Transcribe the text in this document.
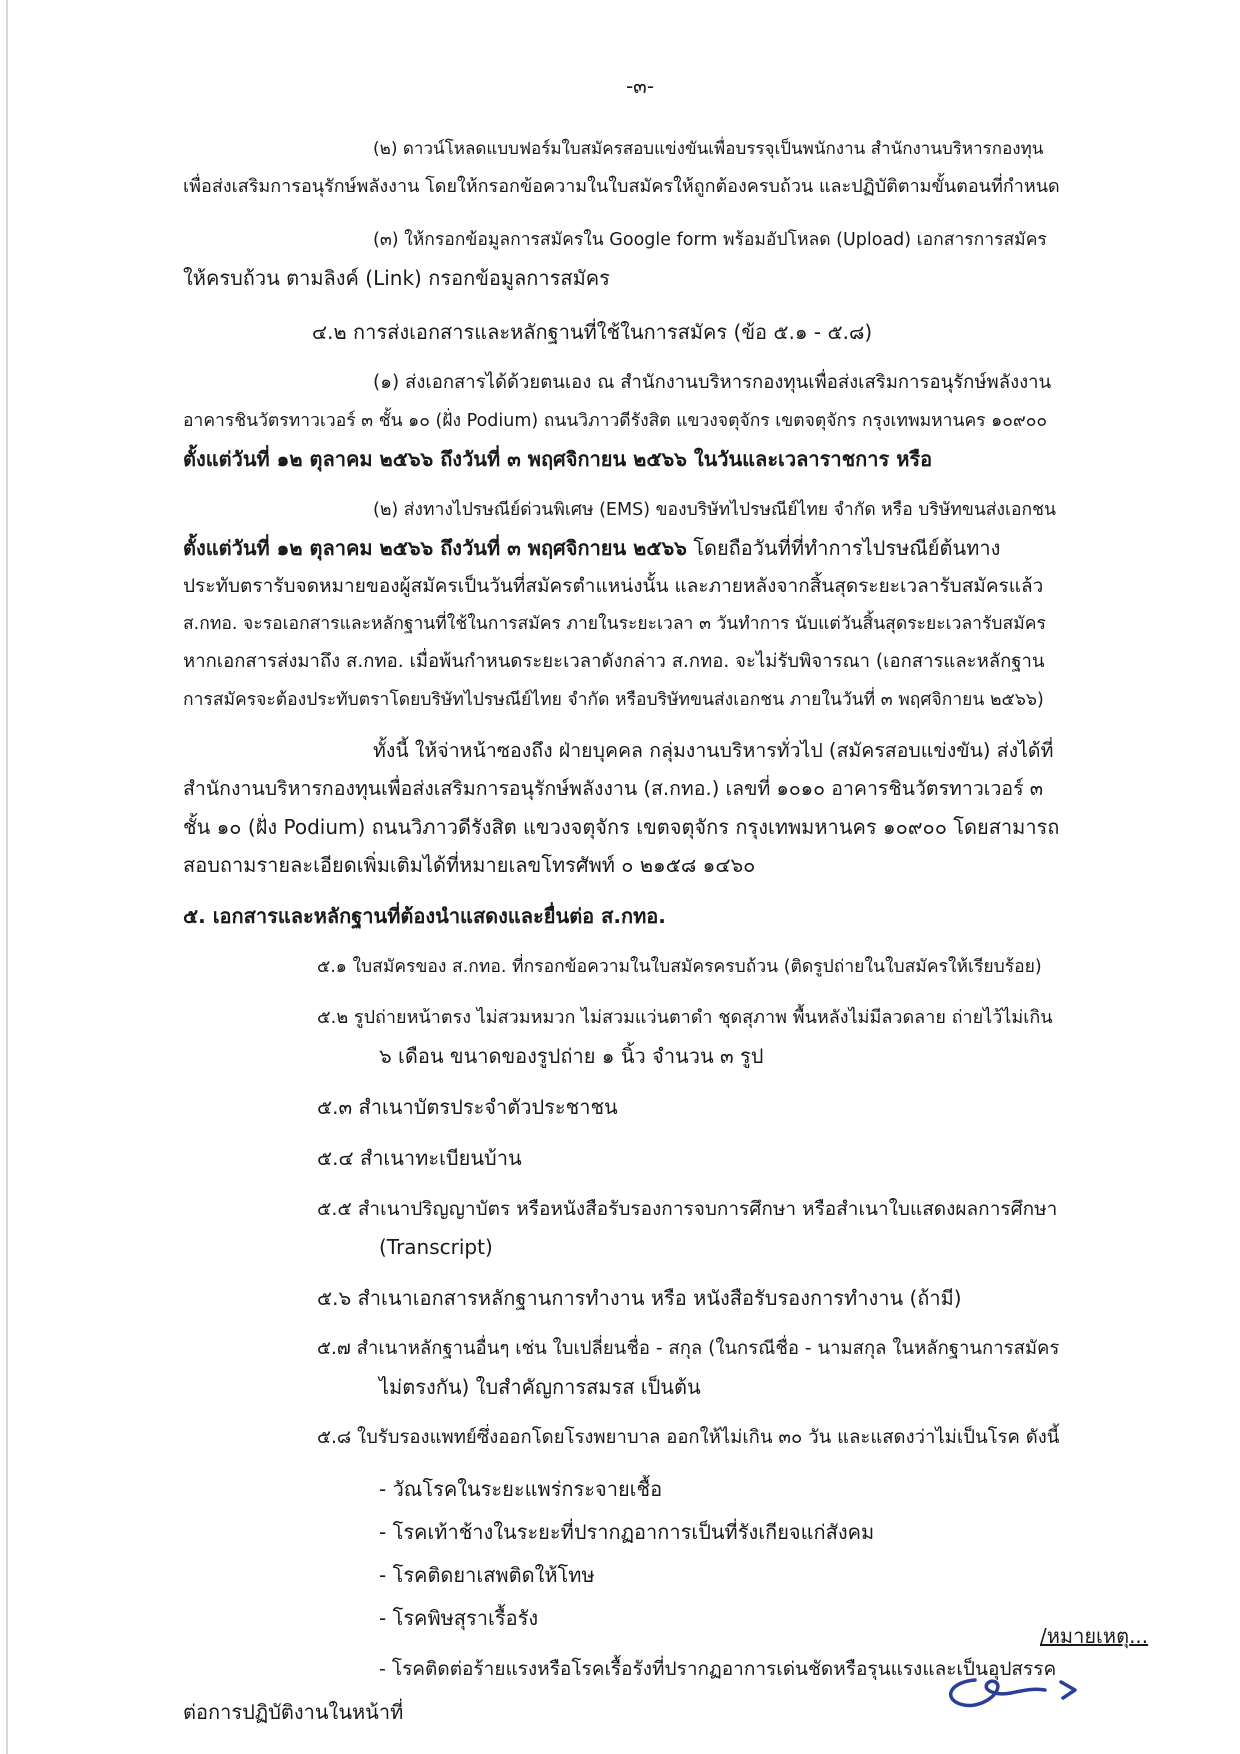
-๓-
(๒) ดาวน์โหลดแบบฟอร์มใบสมัครสอบแข่งขันเพื่อบรรจุเป็นพนักงาน สำนักงานบริหารกองทุน
เพื่อส่งเสริมการอนุรักษ์พลังงาน โดยให้กรอกข้อความในใบสมัครให้ถูกต้องครบถ้วน และปฏิบัติตามขั้นตอนที่กำหนด
(๓) ให้กรอกข้อมูลการสมัครใน Google form พร้อมอัปโหลด (Upload) เอกสารการสมัคร
ให้ครบถ้วน ตามลิงค์ (Link) กรอกข้อมูลการสมัคร
๔.๒ การส่งเอกสารและหลักฐานที่ใช้ในการสมัคร (ข้อ ๕.๑ - ๕.๘)
(๑) ส่งเอกสารได้ด้วยตนเอง ณ สำนักงานบริหารกองทุนเพื่อส่งเสริมการอนุรักษ์พลังงาน
อาคารชินวัตรทาวเวอร์ ๓ ชั้น ๑๐ (ฝั่ง Podium) ถนนวิภาวดีรังสิต แขวงจตุจักร เขตจตุจักร กรุงเทพมหานคร ๑๐๙๐๐
ตั้งแต่วันที่ ๑๒ ตุลาคม ๒๕๖๖ ถึงวันที่ ๓ พฤศจิกายน ๒๕๖๖ ในวันและเวลาราชการ หรือ
(๒) ส่งทางไปรษณีย์ด่วนพิเศษ (EMS) ของบริษัทไปรษณีย์ไทย จำกัด หรือ บริษัทขนส่งเอกชน
ตั้งแต่วันที่ ๑๒ ตุลาคม ๒๕๖๖ ถึงวันที่ ๓ พฤศจิกายน ๒๕๖๖ โดยถือวันที่ที่ทำการไปรษณีย์ต้นทาง
ประทับตรารับจดหมายของผู้สมัครเป็นวันที่สมัครตำแหน่งนั้น และภายหลังจากสิ้นสุดระยะเวลารับสมัครแล้ว
ส.กทอ. จะรอเอกสารและหลักฐานที่ใช้ในการสมัคร ภายในระยะเวลา ๓ วันทำการ นับแต่วันสิ้นสุดระยะเวลารับสมัคร
หากเอกสารส่งมาถึง ส.กทอ. เมื่อพ้นกำหนดระยะเวลาดังกล่าว ส.กทอ. จะไม่รับพิจารณา (เอกสารและหลักฐาน
การสมัครจะต้องประทับตราโดยบริษัทไปรษณีย์ไทย จำกัด หรือบริษัทขนส่งเอกชน ภายในวันที่ ๓ พฤศจิกายน ๒๕๖๖)
ทั้งนี้ ให้จ่าหน้าซองถึง ฝ่ายบุคคล กลุ่มงานบริหารทั่วไป (สมัครสอบแข่งขัน) ส่งได้ที่
สำนักงานบริหารกองทุนเพื่อส่งเสริมการอนุรักษ์พลังงาน (ส.กทอ.) เลขที่ ๑๐๑๐ อาคารชินวัตรทาวเวอร์ ๓
ชั้น ๑๐ (ฝั่ง Podium) ถนนวิภาวดีรังสิต แขวงจตุจักร เขตจตุจักร กรุงเทพมหานคร ๑๐๙๐๐ โดยสามารถ
สอบถามรายละเอียดเพิ่มเติมได้ที่หมายเลขโทรศัพท์ ๐ ๒๑๕๘ ๑๔๖๐
๕. เอกสารและหลักฐานที่ต้องนำแสดงและยื่นต่อ ส.กทอ.
๕.๑ ใบสมัครของ ส.กทอ. ที่กรอกข้อความในใบสมัครครบถ้วน (ติดรูปถ่ายในใบสมัครให้เรียบร้อย)
๕.๒ รูปถ่ายหน้าตรง ไม่สวมหมวก ไม่สวมแว่นตาดำ ชุดสุภาพ พื้นหลังไม่มีลวดลาย ถ่ายไว้ไม่เกิน
๖ เดือน ขนาดของรูปถ่าย ๑ นิ้ว จำนวน ๓ รูป
๕.๓ สำเนาบัตรประจำตัวประชาชน
๕.๔ สำเนาทะเบียนบ้าน
๕.๕ สำเนาปริญญาบัตร หรือหนังสือรับรองการจบการศึกษา หรือสำเนาใบแสดงผลการศึกษา
(Transcript)
๕.๖ สำเนาเอกสารหลักฐานการทำงาน หรือ หนังสือรับรองการทำงาน (ถ้ามี)
๕.๗ สำเนาหลักฐานอื่นๆ เช่น ใบเปลี่ยนชื่อ - สกุล (ในกรณีชื่อ - นามสกุล ในหลักฐานการสมัคร
ไม่ตรงกัน) ใบสำคัญการสมรส เป็นต้น
๕.๘ ใบรับรองแพทย์ซึ่งออกโดยโรงพยาบาล ออกให้ไม่เกิน ๓๐ วัน และแสดงว่าไม่เป็นโรค ดังนี้
- วัณโรคในระยะแพร่กระจายเชื้อ
- โรคเท้าช้างในระยะที่ปรากฏอาการเป็นที่รังเกียจแก่สังคม
- โรคติดยาเสพติดให้โทษ
- โรคพิษสุราเรื้อรัง
- โรคติดต่อร้ายแรงหรือโรคเรื้อรังที่ปรากฏอาการเด่นชัดหรือรุนแรงและเป็นอุปสรรค
ต่อการปฏิบัติงานในหน้าที่
/หมายเหตุ...
